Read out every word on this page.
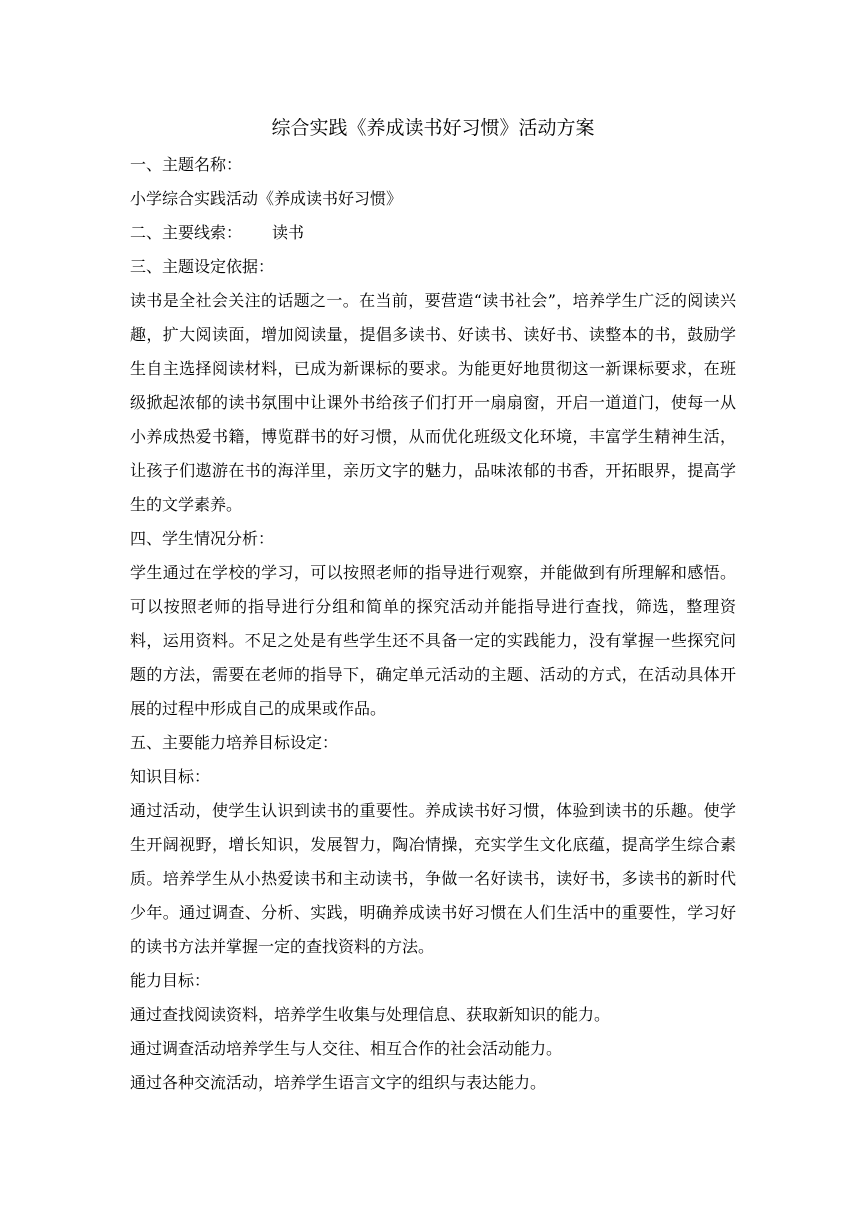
综合实践《养成读书好习惯》活动方案

一、主题名称：

小学综合实践活动《养成读书好习惯》

二、主要线索： 读书

三、主题设定依据：

读书是全社会关注的话题之一。在当前，要营造“读书社会”，培养学生广泛的阅读兴趣，扩大阅读面，增加阅读量，提倡多读书、好读书、读好书、读整本的书，鼓励学生自主选择阅读材料，已成为新课标的要求。为能更好地贯彻这一新课标要求，在班级掀起浓郁的读书氛围中让课外书给孩子们打开一扇扇窗，开启一道道门，使每一从小养成热爱书籍，博览群书的好习惯，从而优化班级文化环境，丰富学生精神生活，让孩子们遨游在书的海洋里，亲历文字的魅力，品味浓郁的书香，开拓眼界，提高学生的文学素养。

四、学生情况分析：

学生通过在学校的学习，可以按照老师的指导进行观察，并能做到有所理解和感悟。可以按照老师的指导进行分组和简单的探究活动并能指导进行查找，筛选，整理资料，运用资料。不足之处是有些学生还不具备一定的实践能力，没有掌握一些探究问题的方法，需要在老师的指导下，确定单元活动的主题、活动的方式，在活动具体开展的过程中形成自己的成果或作品。

五、主要能力培养目标设定：

知识目标：

通过活动，使学生认识到读书的重要性。养成读书好习惯，体验到读书的乐趣。使学生开阔视野，增长知识，发展智力，陶冶情操，充实学生文化底蕴，提高学生综合素质。培养学生从小热爱读书和主动读书，争做一名好读书，读好书，多读书的新时代少年。通过调查、分析、实践，明确养成读书好习惯在人们生活中的重要性，学习好的读书方法并掌握一定的查找资料的方法。

能力目标：

通过查找阅读资料，培养学生收集与处理信息、获取新知识的能力。

通过调查活动培养学生与人交往、相互合作的社会活动能力。

通过各种交流活动，培养学生语言文字的组织与表达能力。
